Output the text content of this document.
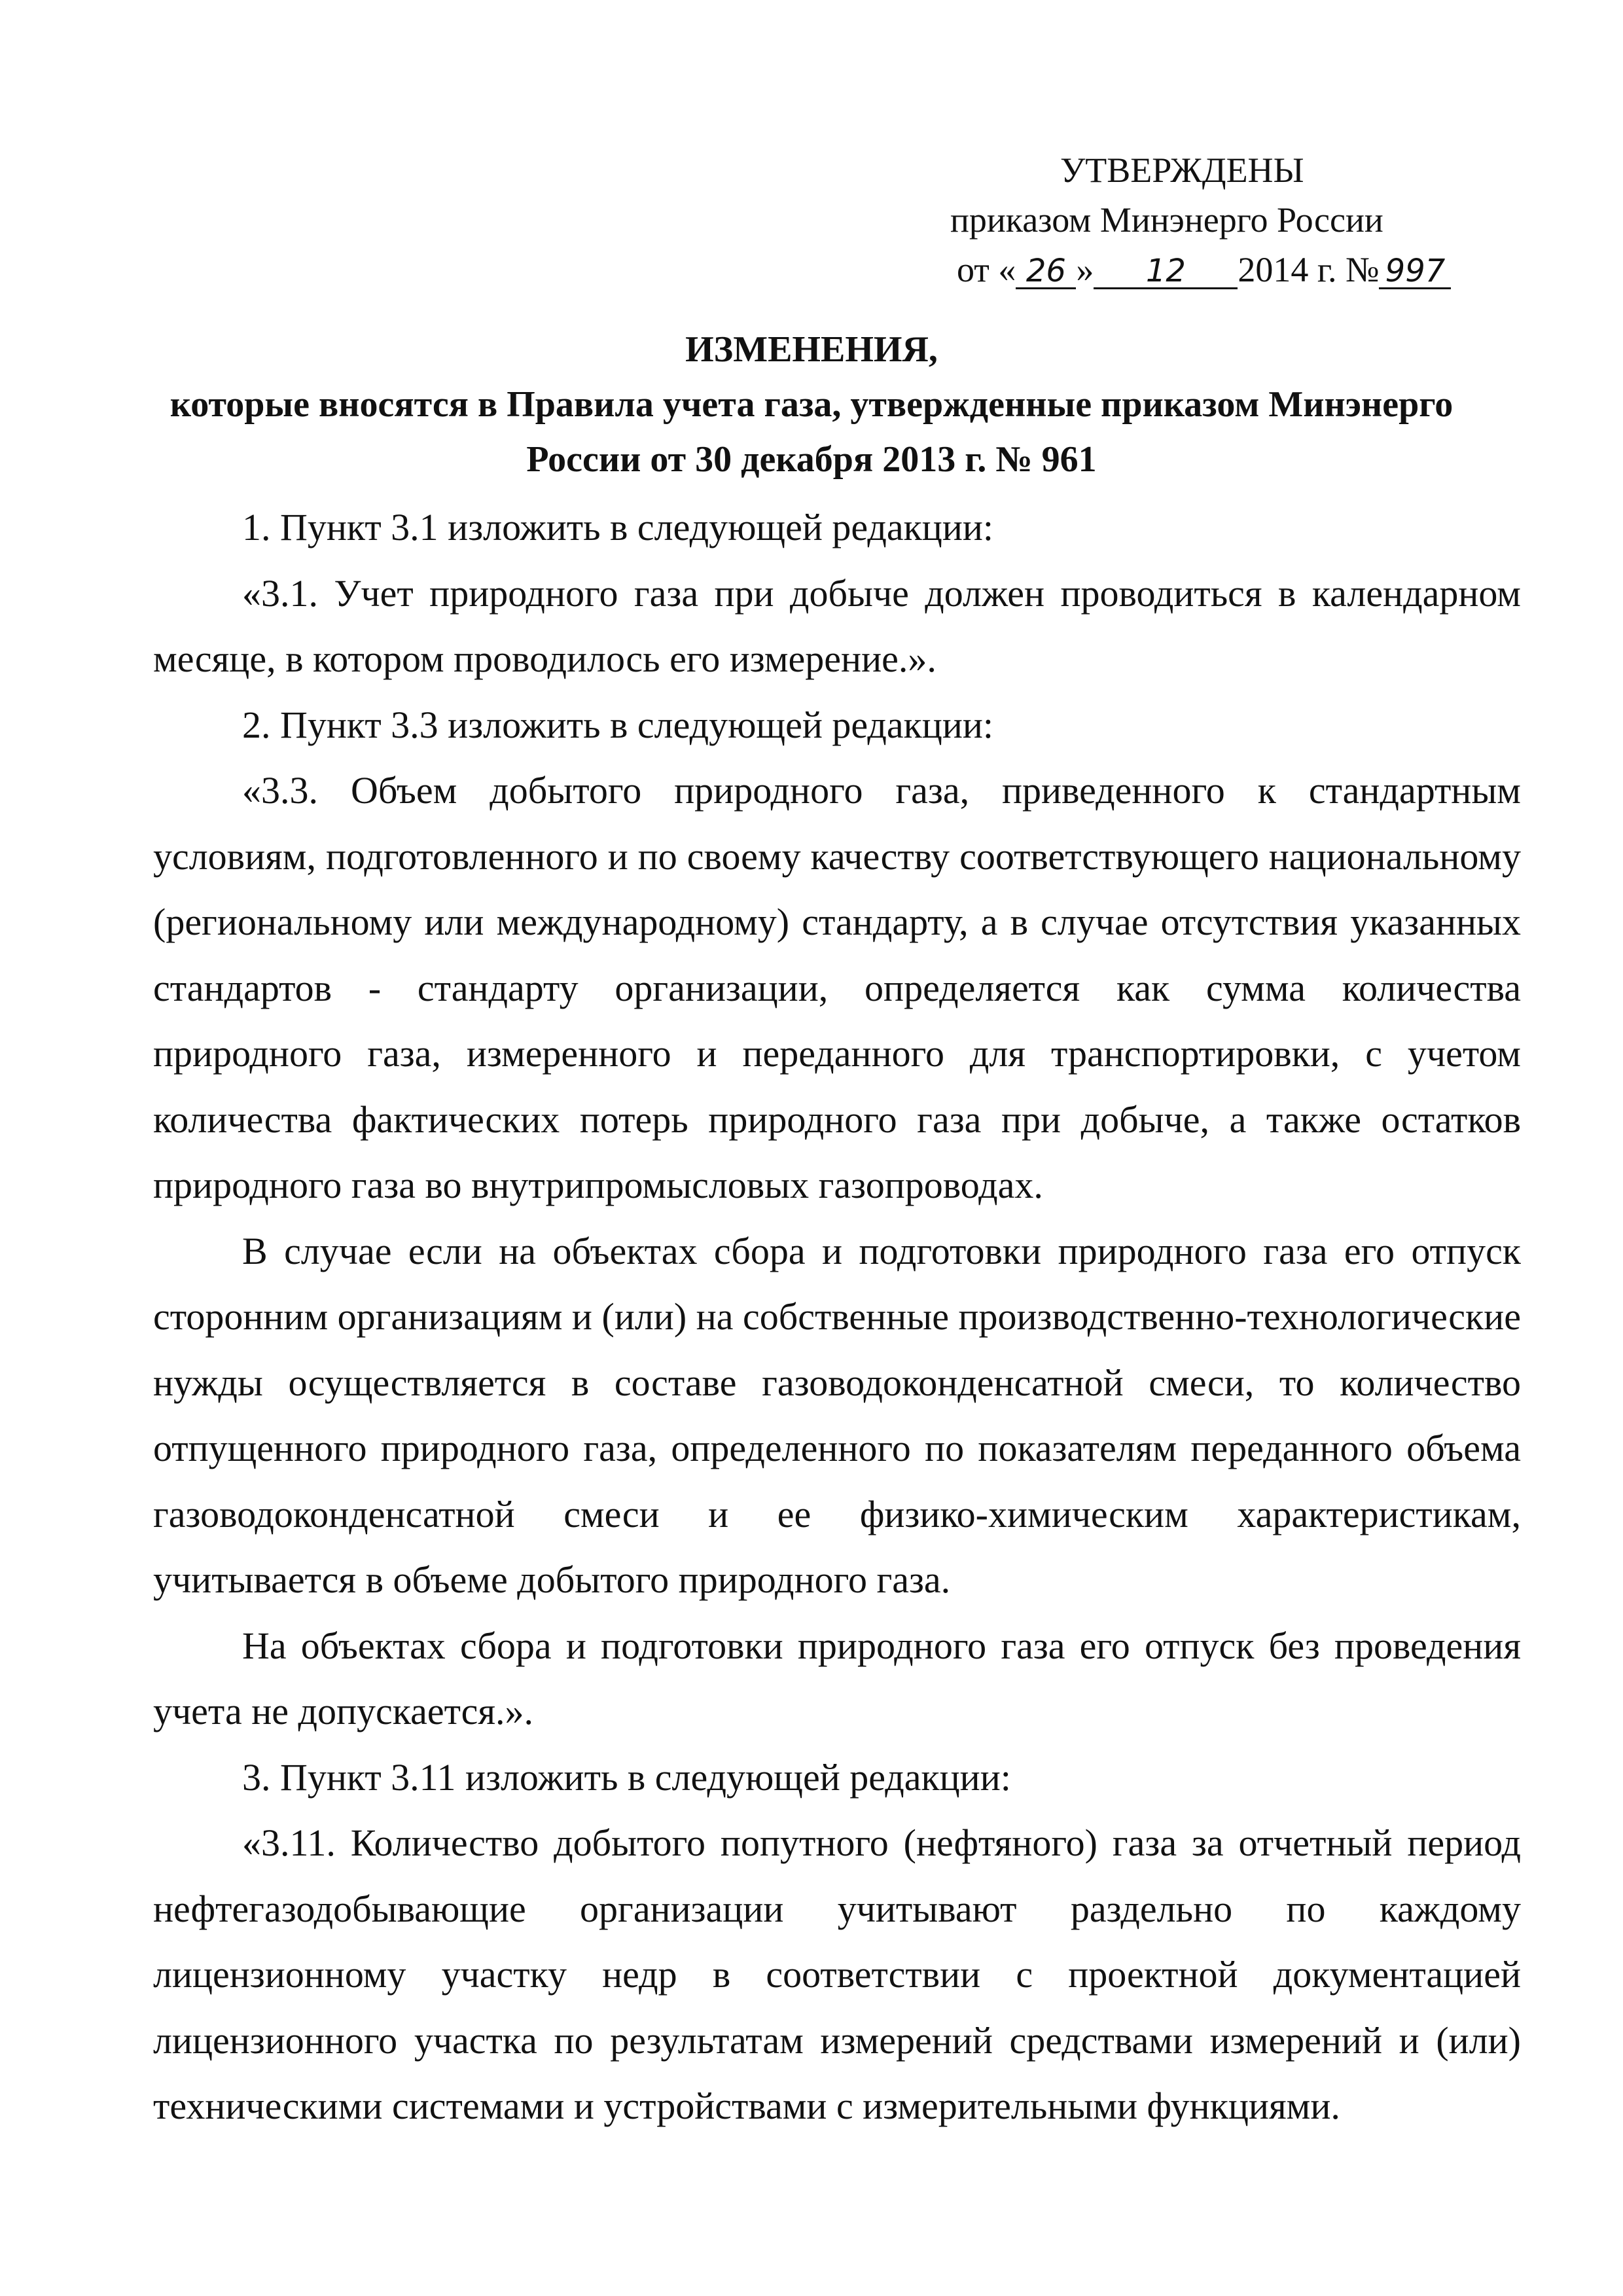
УТВЕРЖДЕНЫ
приказом Минэнерго России
от « 26 » 12 2014 г. № 997
ИЗМЕНЕНИЯ,
которые вносятся в Правила учета газа, утвержденные приказом Минэнерго
России от 30 декабря 2013 г. № 961

1. Пункт 3.1 изложить в следующей редакции:

«3.1. Учет природного газа при добыче должен проводиться в календарном месяце, в котором проводилось его измерение.».

2. Пункт 3.3 изложить в следующей редакции:

«3.3. Объем добытого природного газа, приведенного к стандартным условиям, подготовленного и по своему качеству соответствующего национальному (региональному или международному) стандарту, а в случае отсутствия указанных стандартов - стандарту организации, определяется как сумма количества природного газа, измеренного и переданного для транспортировки, с учетом количества фактических потерь природного газа при добыче, а также остатков природного газа во внутрипромысловых газопроводах.

В случае если на объектах сбора и подготовки природного газа его отпуск сторонним организациям и (или) на собственные производственно-технологические нужды осуществляется в составе газоводоконденсатной смеси, то количество отпущенного природного газа, определенного по показателям переданного объема газоводоконденсатной смеси и ее физико-химическим характеристикам, учитывается в объеме добытого природного газа.

На объектах сбора и подготовки природного газа его отпуск без проведения учета не допускается.».

3. Пункт 3.11 изложить в следующей редакции:

«3.11. Количество добытого попутного (нефтяного) газа за отчетный период нефтегазодобывающие организации учитывают раздельно по каждому лицензионному участку недр в соответствии с проектной документацией лицензионного участка по результатам измерений средствами измерений и (или) техническими системами и устройствами с измерительными функциями.
